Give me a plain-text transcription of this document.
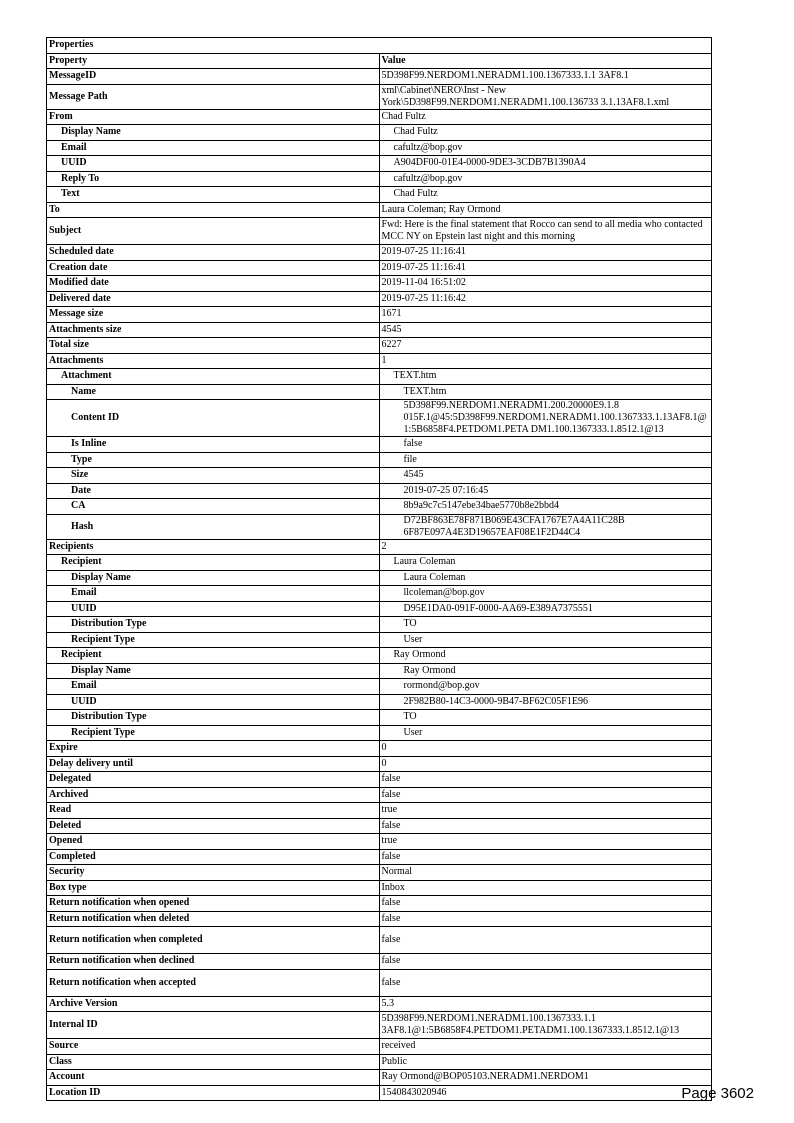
Properties	
Property	Value
MessageID	5D398F99.NERDOM1.NERADM1.100.1367333.1.1 3AF8.1
Message Path	xml\Cabinet\NERO\Inst - New York\5D398F99.NERDOM1.NERADM1.100.136733 3.1.13AF8.1.xml
From	Chad Fultz
Display Name	Chad Fultz
Email	cafultz@bop.gov
UUID	A904DF00-01E4-0000-9DE3-3CDB7B1390A4
Reply To	cafultz@bop.gov
Text	Chad Fultz
To	Laura Coleman; Ray Ormond
Subject	Fwd: Here is the final statement that Rocco can send to all media who contacted MCC NY on Epstein last night and this morning
Scheduled date	2019-07-25 11:16:41
Creation date	2019-07-25 11:16:41
Modified date	2019-11-04 16:51:02
Delivered date	2019-07-25 11:16:42
Message size	1671
Attachments size	4545
Total size	6227
Attachments	1
Attachment	TEXT.htm
Name	TEXT.htm
Content ID	5D398F99.NERDOM1.NERADM1.200.20000E9.1.8 015F.1@45:5D398F99.NERDOM1.NERADM1.100.1367333.1.13AF8.1@1:5B6858F4.PETDOM1.PETA DM1.100.1367333.1.8512.1@13
Is Inline	false
Type	file
Size	4545
Date	2019-07-25 07:16:45
CA	8b9a9c7c5147ebe34bae5770b8e2bbd4
Hash	D72BF863E78F871B069E43CFA1767E7A4A11C28B 6F87E097A4E3D19657EAF08E1F2D44C4
Recipients	2
Recipient	Laura Coleman
Display Name	Laura Coleman
Email	llcoleman@bop.gov
UUID	D95E1DA0-091F-0000-AA69-E389A7375551
Distribution Type	TO
Recipient Type	User
Recipient	Ray Ormond
Display Name	Ray Ormond
Email	rormond@bop.gov
UUID	2F982B80-14C3-0000-9B47-BF62C05F1E96
Distribution Type	TO
Recipient Type	User
Expire	0
Delay delivery until	0
Delegated	false
Archived	false
Read	true
Deleted	false
Opened	true
Completed	false
Security	Normal
Box type	Inbox
Return notification when opened	false
Return notification when deleted	false
Return notification when completed	false
Return notification when declined	false
Return notification when accepted	false
Archive Version	5.3
Internal ID	5D398F99.NERDOM1.NERADM1.100.1367333.1.1 3AF8.1@1:5B6858F4.PETDOM1.PETADM1.100.1367333.1.8512.1@13
Source	received
Class	Public
Account	Ray Ormond@BOP05103.NERADM1.NERDOM1
Location ID	1540843020946	Page 3602
